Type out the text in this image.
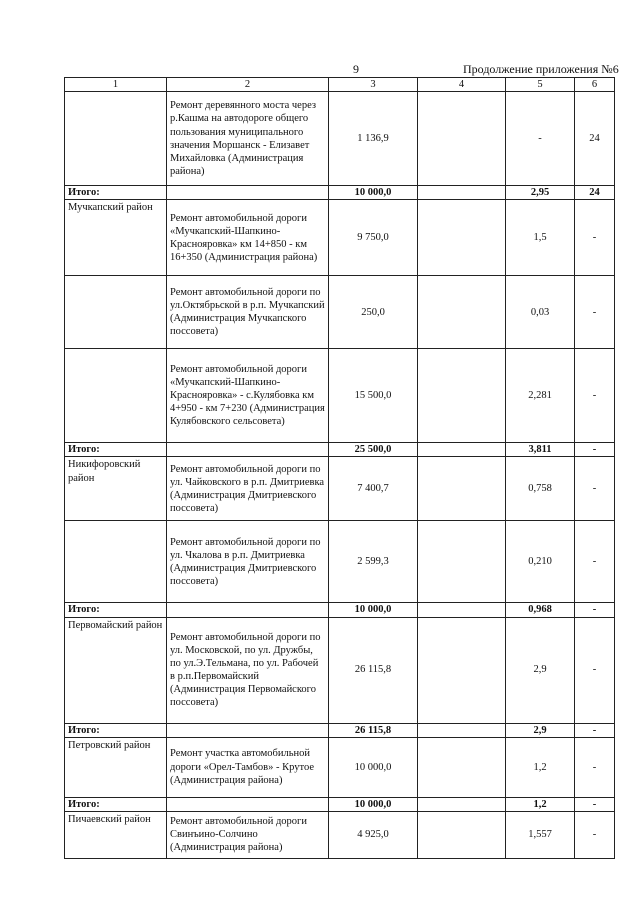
9	Продолжение приложения №6
1	2	3	4	5	6
	Ремонт деревянного моста через р.Кашма на автодороге общего пользования муниципального значения Моршанск - Елизавет Михайловка (Администрация района)	1 136,9		-	24
Итого:		10 000,0		2,95	24
Мучкапский район	Ремонт автомобильной дороги «Мучкапский-Шапкино-Краснояровка» км 14+850 - км 16+350 (Администрация района)	9 750,0		1,5	-
	Ремонт автомобильной дороги по ул.Октябрьской в р.п. Мучкапский (Администрация Мучкапского поссовета)	250,0		0,03	-
	Ремонт автомобильной дороги «Мучкапский-Шапкино-Краснояровка» - с.Кулябовка км 4+950 - км 7+230 (Администрация Кулябовского сельсовета)	15 500,0		2,281	-
Итого:		25 500,0		3,811	-
Никифоровский район	Ремонт автомобильной дороги по ул. Чайковского в р.п. Дмитриевка (Администрация Дмитриевского поссовета)	7 400,7		0,758	-
	Ремонт автомобильной дороги по ул. Чкалова в р.п. Дмитриевка (Администрация Дмитриевского поссовета)	2 599,3		0,210	-
Итого:		10 000,0		0,968	-
Первомайский район	Ремонт автомобильной дороги по ул. Московской, по ул. Дружбы, по ул.Э.Тельмана, по ул. Рабочей в р.п.Первомайский (Администрация Первомайского поссовета)	26 115,8		2,9	-
Итого:		26 115,8		2,9	-
Петровский район	Ремонт участка автомобильной дороги «Орел-Тамбов» - Крутое (Администрация района)	10 000,0		1,2	-
Итого:		10 000,0		1,2	-
Пичаевский район	Ремонт автомобильной дороги Свинъино-Солчино (Администрация района)	4 925,0		1,557	-
